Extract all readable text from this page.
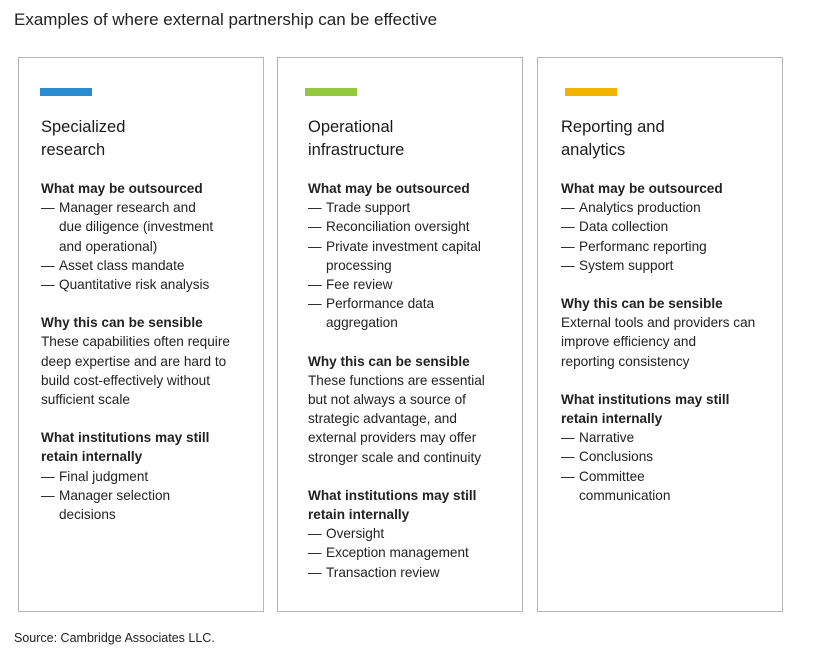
Examples of where external partnership can be effective
Specialized
research
What may be outsourced
— Manager research and
due diligence (investment
and operational)
— Asset class mandate
— Quantitative risk analysis
Why this can be sensible
These capabilities often require
deep expertise and are hard to
build cost-effectively without
sufficient scale
What institutions may still
retain internally
— Final judgment
— Manager selection
decisions
Operational
infrastructure
What may be outsourced
— Trade support
— Reconciliation oversight
— Private investment capital
processing
— Fee review
— Performance data
aggregation
Why this can be sensible
These functions are essential
but not always a source of
strategic advantage, and
external providers may offer
stronger scale and continuity
What institutions may still
retain internally
— Oversight
— Exception management
— Transaction review
Reporting and
analytics
What may be outsourced
— Analytics production
— Data collection
— Performanc reporting
— System support
Why this can be sensible
External tools and providers can
improve efficiency and
reporting consistency
What institutions may still
retain internally
— Narrative
— Conclusions
— Committee
communication
Source: Cambridge Associates LLC.
